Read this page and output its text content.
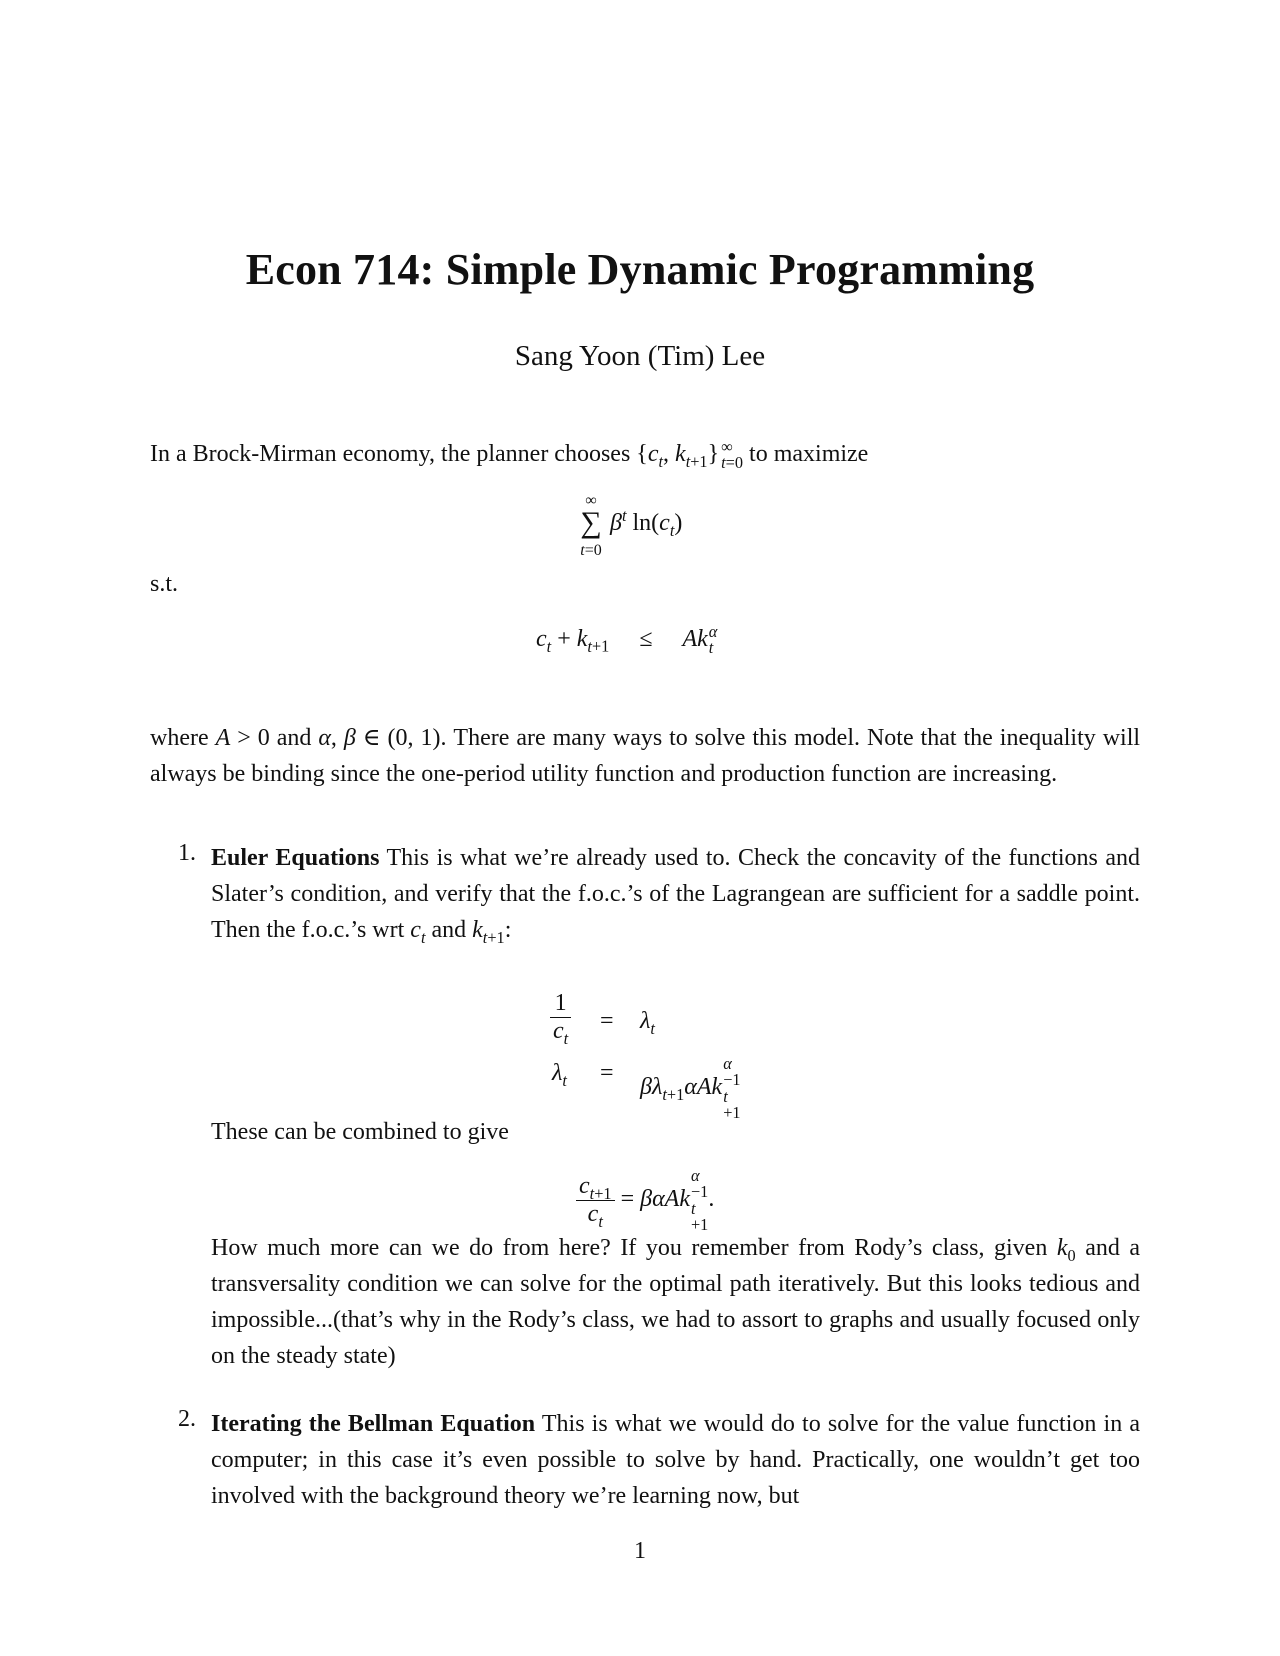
Econ 714: Simple Dynamic Programming
Sang Yoon (Tim) Lee
In a Brock-Mirman economy, the planner chooses {$c_t$, $k_{t+1}$} ∞
t=0 to maximize
∞
∑
t=0
$\beta^t$ $\ln(c_t)$
s.t.
$c_t + k_{t+1} \le Ak$ α
t
where A > 0 and α, β ∈ (0, 1). There are many ways to solve this model. Note that the inequality will always be binding since the one-period utility function and production function are increasing.
1. Euler Equations This is what we’re already used to. Check the concavity of the functions and Slater’s condition, and verify that the f.o.c.’s of the Lagrangean are sufficient for a saddle point. Then the f.o.c.’s wrt $c_t$ and $k_{t+1}$:
$\frac{1}{c_t} = \lambda_t$
$\lambda_t$ =
$\beta\lambda_{t+1}\alpha Ak$
α
−1
t
+1
These can be combined to give
$\frac{c_{t+1}}{c_t} = \beta\alpha Ak$
α
−1
t
+1
.
How much more can we do from here? If you remember from Rody’s class, given $k_0$ and a transversality condition we can solve for the optimal path iteratively. But this looks tedious and impossible...(that’s why in the Rody’s class, we had to assort to graphs and usually focused only on the steady state)
2. Iterating the Bellman Equation This is what we would do to solve for the value function in a computer; in this case it’s even possible to solve by hand. Practically, one wouldn’t get too involved with the background theory we’re learning now, but
1
